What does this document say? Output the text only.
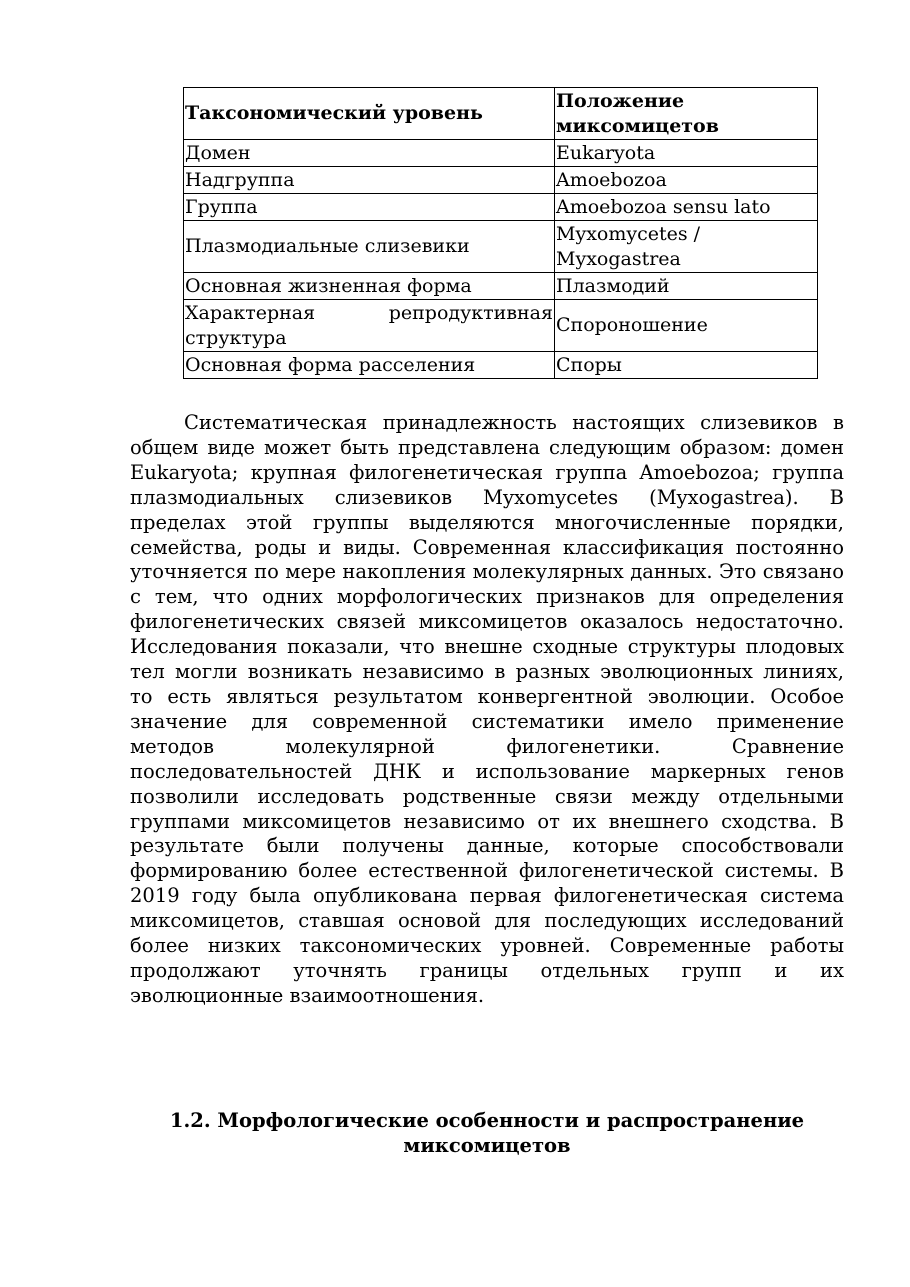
Таксономический уровень	Положение миксомицетов
Домен	Eukaryota
Надгруппа	Amoebozoa
Группа	Amoebozoa sensu lato
Плазмодиальные слизевики	Myxomycetes / Myxogastrea
Основная жизненная форма	Плазмодий
Характерная репродуктивная структура	Спороношение
Основная форма расселения	Споры

Систематическая принадлежность настоящих слизевиков в общем виде может быть представлена следующим образом: домен Eukaryota; крупная филогенетическая группа Amoebozoa; группа плазмодиальных слизевиков Myxomycetes (Myxogastrea). В пределах этой группы выделяются многочисленные порядки, семейства, роды и виды. Современная классификация постоянно уточняется по мере накопления молекулярных данных. Это связано с тем, что одних морфологических признаков для определения филогенетических связей миксомицетов оказалось недостаточно. Исследования показали, что внешне сходные структуры плодовых тел могли возникать независимо в разных эволюционных линиях, то есть являться результатом конвергентной эволюции. Особое значение для современной систематики имело применение методов молекулярной филогенетики. Сравнение последовательностей ДНК и использование маркерных генов позволили исследовать родственные связи между отдельными группами миксомицетов независимо от их внешнего сходства. В результате были получены данные, которые способствовали формированию более естественной филогенетической системы. В 2019 году была опубликована первая филогенетическая система миксомицетов, ставшая основой для последующих исследований более низких таксономических уровней. Современные работы продолжают уточнять границы отдельных групп и их эволюционные взаимоотношения.

1.2. Морфологические особенности и распространение миксомицетов
